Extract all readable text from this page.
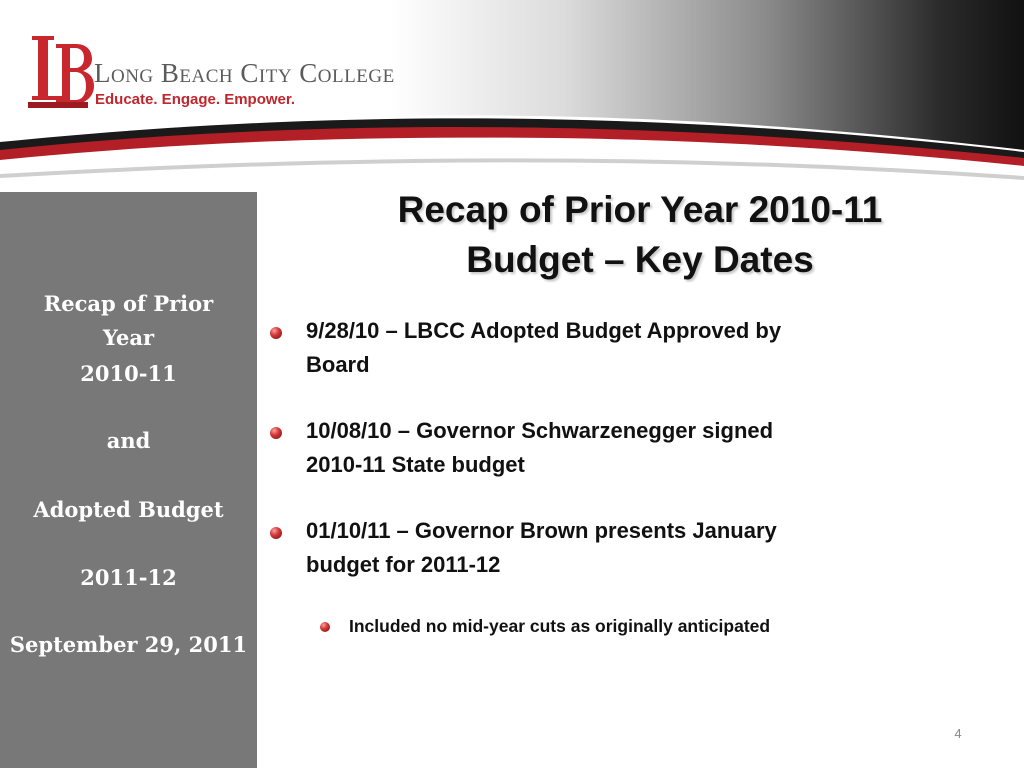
Long Beach City College
Educate. Engage. Empower.
Recap of Prior
Year
2010-11
and
Adopted Budget
2011-12
September 29, 2011
Recap of Prior Year 2010-11
Budget – Key Dates
9/28/10 – LBCC Adopted Budget Approved by
Board
10/08/10 – Governor Schwarzenegger signed
2010-11 State budget
01/10/11 – Governor Brown presents January
budget for 2011-12
Included no mid-year cuts as originally anticipated
4
